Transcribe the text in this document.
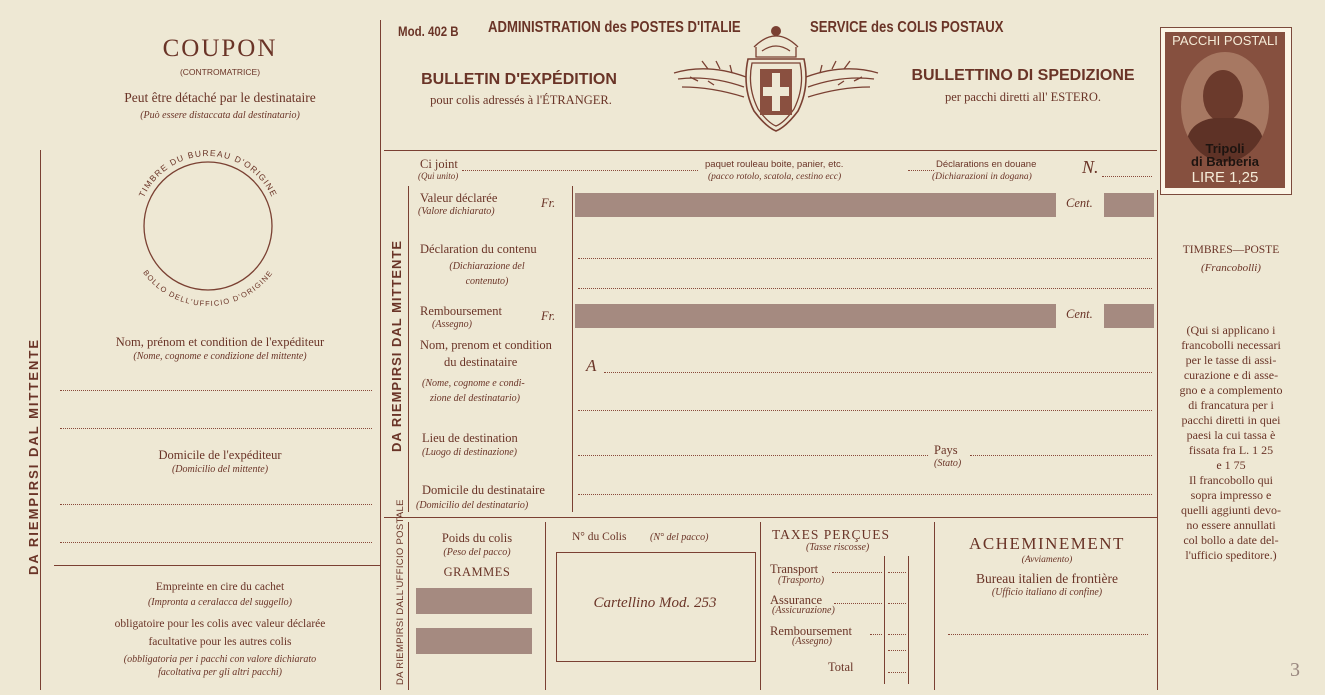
DA RIEMPIRSI DAL MITTENTE
COUPON
(CONTROMATRICE)
Peut être détaché par le destinataire
(Può essere distaccata dal destinatario)
TIMBRE DU BUREAU D'ORIGINE
BOLLO DELL'UFFICIO D'ORIGINE
Nom, prénom et condition de l'expéditeur
(Nome, cognome e condizione del mittente)
Domicile de l'expéditeur
(Domicilio del mittente)
Empreinte en cire du cachet
(Impronta a ceralacca del suggello)
obligatoire pour les colis avec valeur déclarée
facultative pour les autres colis
(obbligatoria per i pacchi con valore dichiarato
facoltativa per gli altri pacchi)
Mod. 402 B ADMINISTRATION des POSTES D'ITALIE	SERVICE des COLIS POSTAUX
BULLETIN D'EXPÉDITION
pour colis adressés à l'ÉTRANGER.
BULLETTINO DI SPEDIZIONE
per pacchi diretti all' ESTERO.
PACCHI POSTALI
Tripoli
di Barberia
LIRE 1,25
TIMBRES—POSTE
(Francobolli)
(Qui si applicano i
francobolli necessari
per le tasse di assi-
curazione e di asse-
gno e a complemento
di francatura per i
pacchi diretti in quei
paesi la cui tassa è
fissata fra L. 1 25
e 1 75
Il francobollo qui
sopra impresso e
quelli aggiunti devo-
no essere annullati
col bollo a date del-
l'ufficio speditore.)
3
DA RIEMPIRSI DAL MITTENTE
Ci joint
(Qui unito)
paquet rouleau boite, panier, etc.
(pacco rotolo, scatola, cestino ecc)
Déclarations en douane
(Dichiarazioni in dogana)	N.
Valeur déclarée
(Valore dichiarato)
Fr.	Cent.
Déclaration du contenu
(Dichiarazione del
contenuto)
Remboursement
(Assegno)
Fr.	Cent.
Nom, prenom et condition
du destinataire
(Nome, cognome e condi-
zione del destinatario)
A
Lieu de destination
(Luogo di destinazione)	Pays
(Stato)
Domicile du destinataire
(Domicilio del destinatario)
DA RIEMPIRSI DALL'UFFICIO POSTALE	Poids du colis
(Peso del pacco)
GRAMMES
N° du Colis (N° del pacco)
Cartellino Mod. 253
TAXES PERÇUES
(Tasse riscosse)
Transport
(Trasporto)
Assurance
(Assicurazione)
Remboursement
(Assegno)
Total
ACHEMINEMENT
(Avviamento)
Bureau italien de frontière
(Ufficio italiano di confine)
